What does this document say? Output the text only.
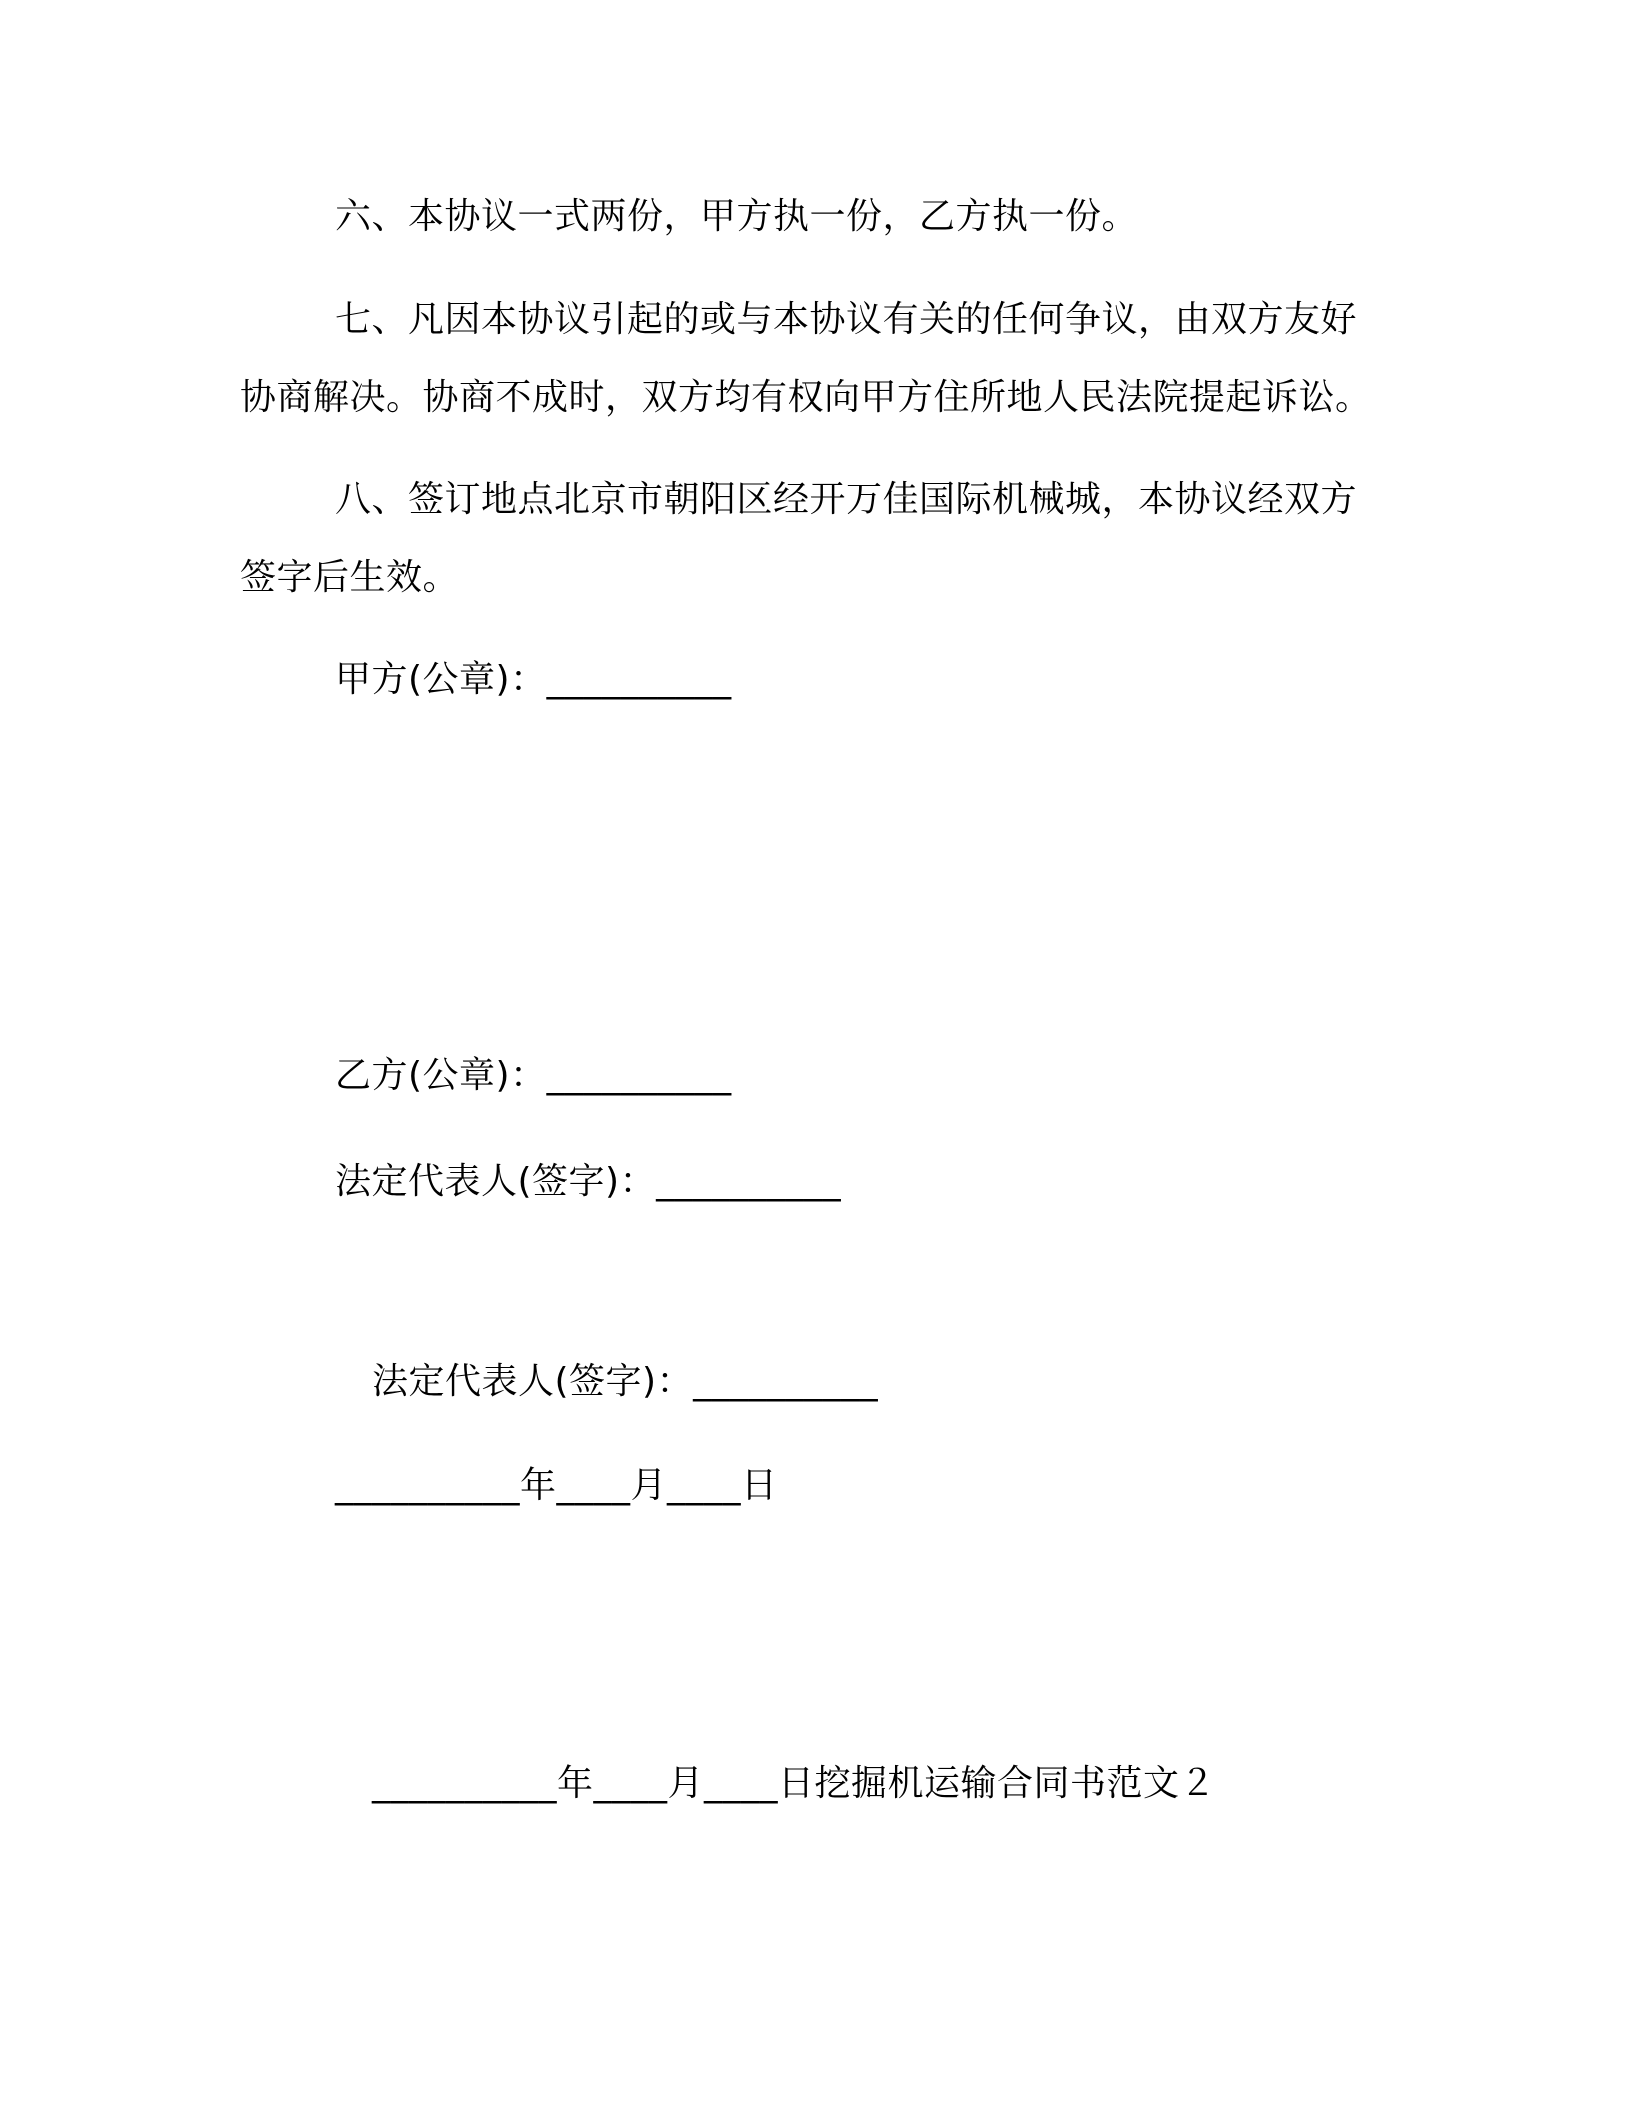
六、本协议一式两份，甲方执一份，乙方执一份。
七、凡因本协议引起的或与本协议有关的任何争议，由双方友好
协商解决。协商不成时，双方均有权向甲方住所地人民法院提起诉讼。
八、签订地点北京市朝阳区经开万佳国际机械城，本协议经双方
签字后生效。
甲方(公章)：__________
乙方(公章)：__________
法定代表人(签字)：__________
法定代表人(签字)：__________
__________年____月____日
__________年____月____日挖掘机运输合同书范文２
